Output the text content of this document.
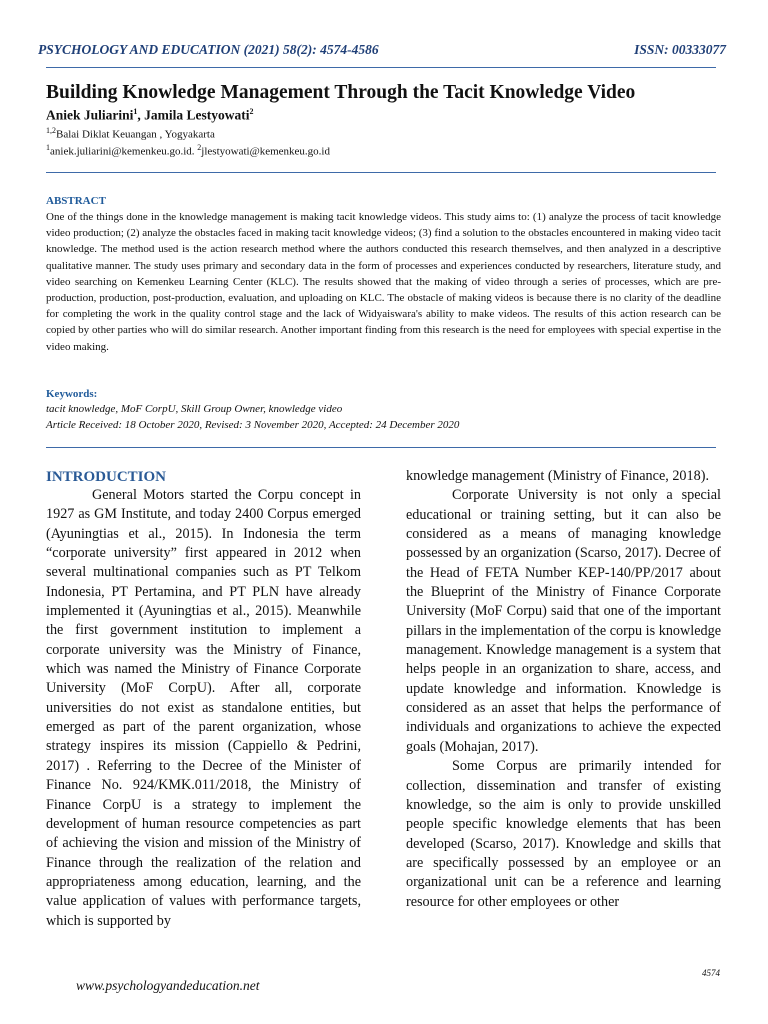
PSYCHOLOGY AND EDUCATION (2021) 58(2): 4574-4586	ISSN: 00333077
Building Knowledge Management Through the Tacit Knowledge Video
Aniek Juliarini$^1$, Jamila Lestyowati$^2$
$^{1,2}$Balai Diklat Keuangan , Yogyakarta
$^1$aniek.juliarini@kemenkeu.go.id. $^2$jlestyowati@kemenkeu.go.id
ABSTRACT
One of the things done in the knowledge management is making tacit knowledge videos. This study aims to: (1) analyze the process of tacit knowledge video production; (2) analyze the obstacles faced in making tacit knowledge videos; (3) find a solution to the obstacles encountered in making video tacit knowledge. The method used is the action research method where the authors conducted this research themselves, and then analyzed in a descriptive qualitative manner. The study uses primary and secondary data in the form of processes and experiences conducted by researchers, literature study, and video searching on Kemenkeu Learning Center (KLC). The results showed that the making of video through a series of processes, which are pre-production, production, post-production, evaluation, and uploading on KLC. The obstacle of making videos is because there is no clarity of the deadline for completing the work in the quality control stage and the lack of Widyaiswara's ability to make videos. The results of this action research can be copied by other parties who will do similar research. Another important finding from this research is the need for employees with special expertise in the video making.
Keywords:
tacit knowledge, MoF CorpU, Skill Group Owner, knowledge video
Article Received: 18 October 2020, Revised: 3 November 2020, Accepted: 24 December 2020
INTRODUCTION

General Motors started the Corpu concept in 1927 as GM Institute, and today 2400 Corpus emerged (Ayuningtias et al., 2015). In Indonesia the term “corporate university” first appeared in 2012 when several multinational companies such as PT Telkom Indonesia, PT Pertamina, and PT PLN have already implemented it (Ayuningtias et al., 2015). Meanwhile the first government institution to implement a corporate university was the Ministry of Finance, which was named the Ministry of Finance Corporate University (MoF CorpU). After all, corporate universities do not exist as standalone entities, but emerged as part of the parent organization, whose strategy inspires its mission (Cappiello & Pedrini, 2017) . Referring to the Decree of the Minister of Finance No. 924/KMK.011/2018, the Ministry of Finance CorpU is a strategy to implement the development of human resource competencies as part of achieving the vision and mission of the Ministry of Finance through the realization of the relation and appropriateness among education, learning, and the value application of values with performance targets, which is supported by

knowledge management (Ministry of Finance, 2018).

Corporate University is not only a special educational or training setting, but it can also be considered as a means of managing knowledge possessed by an organization (Scarso, 2017). Decree of the Head of FETA Number KEP-140/PP/2017 about the Blueprint of the Ministry of Finance Corporate University (MoF Corpu) said that one of the important pillars in the implementation of the corpu is knowledge management. Knowledge management is a system that helps people in an organization to share, access, and update knowledge and information. Knowledge is considered as an asset that helps the performance of individuals and organizations to achieve the expected goals (Mohajan, 2017).

Some Corpus are primarily intended for collection, dissemination and transfer of existing knowledge, so the aim is only to provide unskilled people specific knowledge elements that has been developed (Scarso, 2017). Knowledge and skills that are specifically possessed by an employee or an organizational unit can be a reference and learning resource for other employees or other

www.psychologyandeducation.net
4574
